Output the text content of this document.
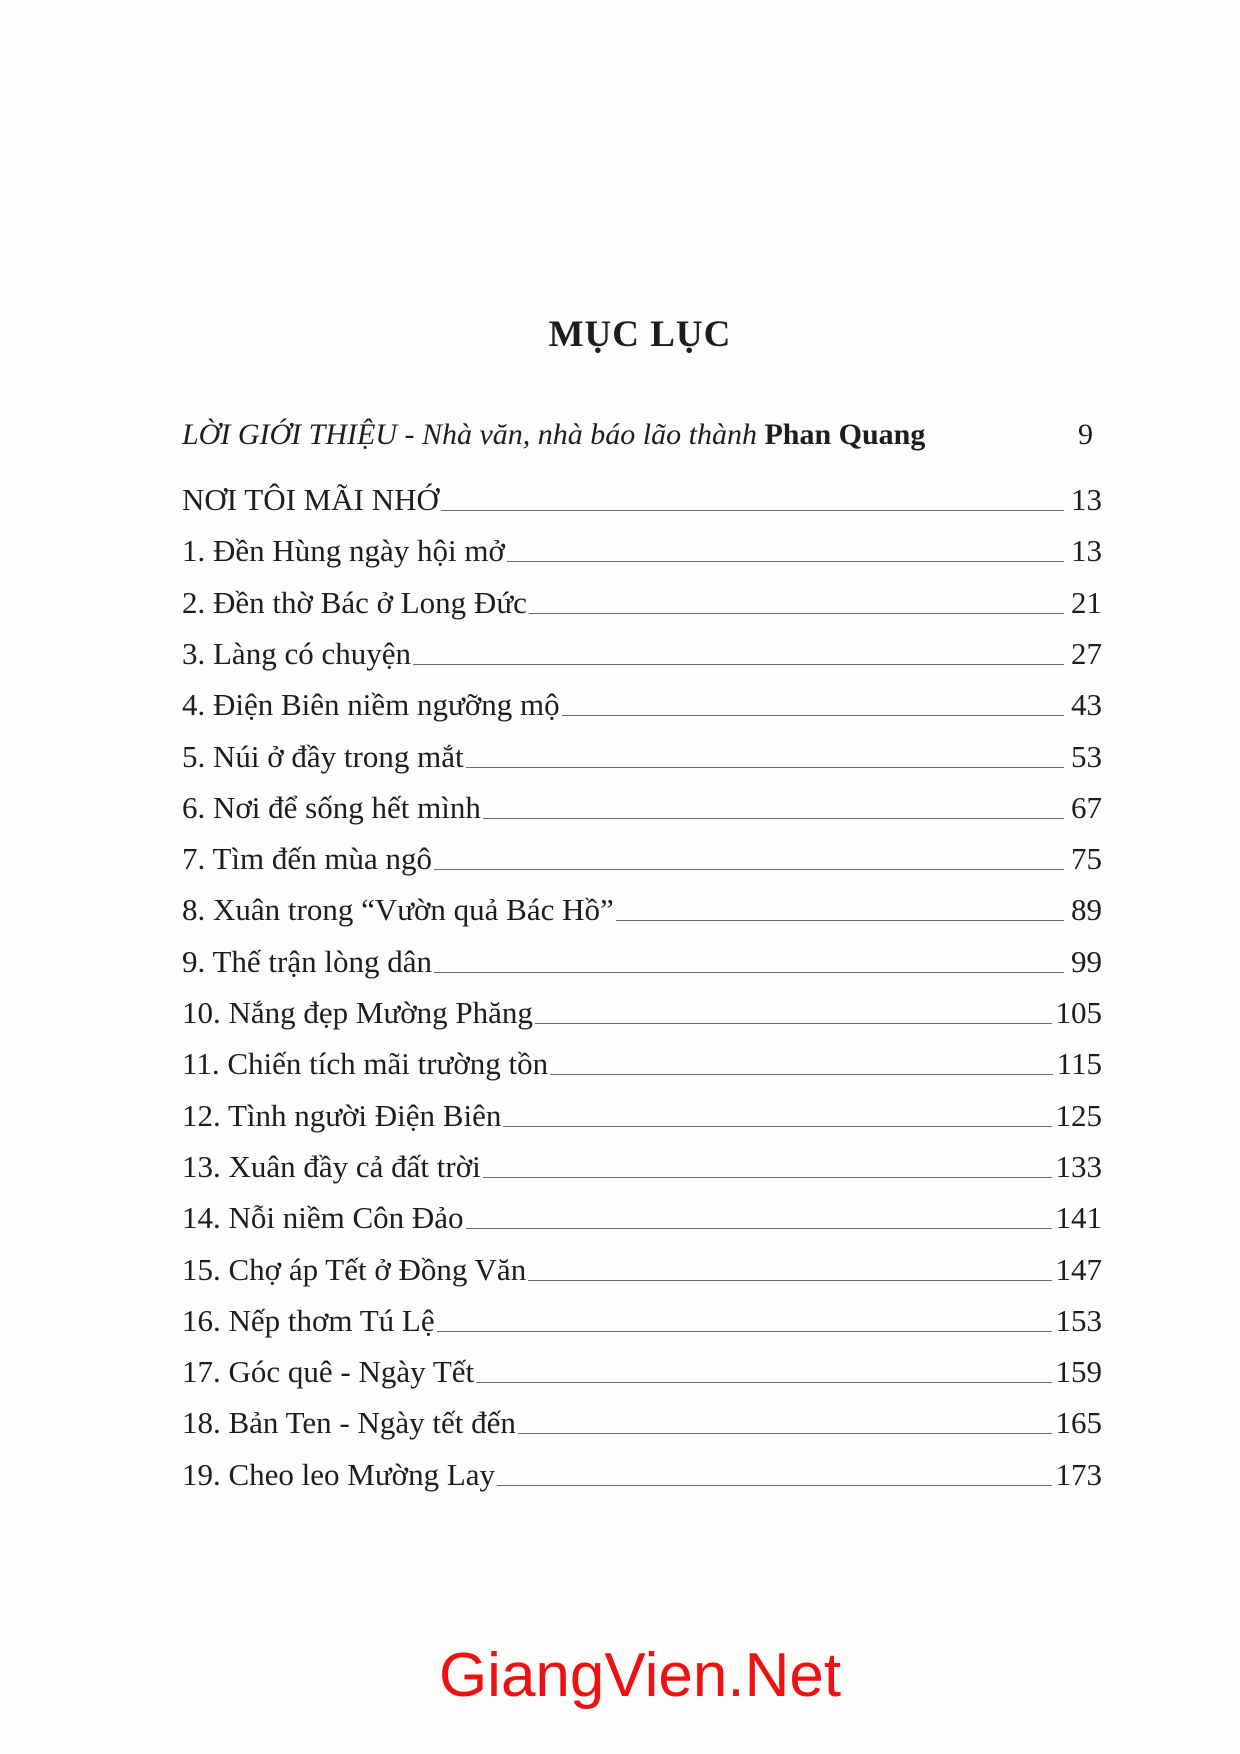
MỤC LỤC
LỜI GIỚI THIỆU - Nhà văn, nhà báo lão thành Phan Quang	9
NƠI TÔI MÃI NHỚ	13
1. Đền Hùng ngày hội mở	13
2. Đền thờ Bác ở Long Đức	21
3. Làng có chuyện	27
4. Điện Biên niềm ngưỡng mộ	43
5. Núi ở đầy trong mắt	53
6. Nơi để sống hết mình	67
7. Tìm đến mùa ngô	75
8. Xuân trong “Vườn quả Bác Hồ”	89
9. Thế trận lòng dân	99
10. Nắng đẹp Mường Phăng	105
11. Chiến tích mãi trường tồn	115
12. Tình người Điện Biên	125
13. Xuân đầy cả đất trời	133
14. Nỗi niềm Côn Đảo	141
15. Chợ áp Tết ở Đồng Văn	147
16. Nếp thơm Tú Lệ	153
17. Góc quê - Ngày Tết	159
18. Bản Ten - Ngày tết đến	165
19. Cheo leo Mường Lay	173
GiangVien.Net
